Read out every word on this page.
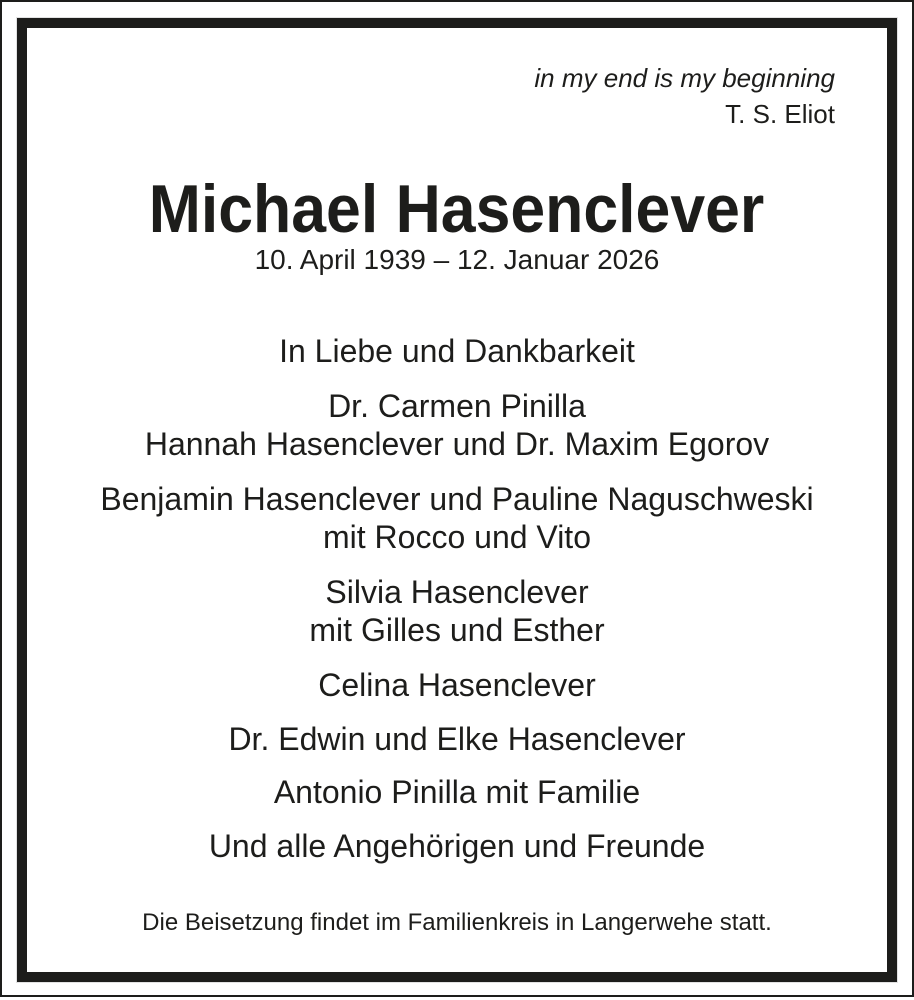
in my end is my beginning
T. S. Eliot
Michael Hasenclever
10. April 1939 – 12. Januar 2026
In Liebe und Dankbarkeit
Dr. Carmen Pinilla
Hannah Hasenclever und Dr. Maxim Egorov
Benjamin Hasenclever und Pauline Naguschweski
mit Rocco und Vito
Silvia Hasenclever
mit Gilles und Esther
Celina Hasenclever
Dr. Edwin und Elke Hasenclever
Antonio Pinilla mit Familie
Und alle Angehörigen und Freunde
Die Beisetzung findet im Familienkreis in Langerwehe statt.
